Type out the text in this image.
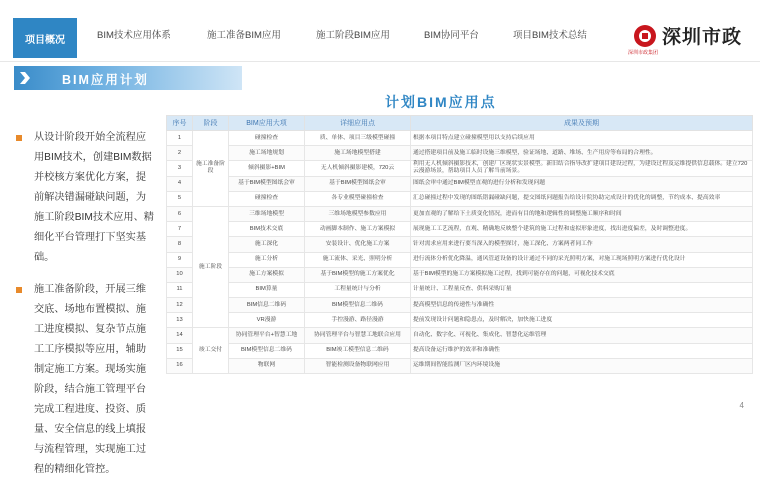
项目概况	BIM技术应用体系	施工准备BIM应用	施工阶段BIM应用	BIM协同平台	项目BIM技术总结
深圳市政集团
深圳市政
BIM应用计划
从设计阶段开始全流程应用BIM技术，创建BIM数据并校核方案优化方案，提前解决错漏碰缺问题，为施工阶段BIM技术应用、精细化平台管理打下坚实基础。
施工准备阶段，开展三维交底、场地布置模拟、施工进度模拟、复杂节点施工工序模拟等应用，辅助制定施工方案。现场实施阶段，结合施工管理平台完成工程进度、投资、质量、安全信息的线上填报与流程管理，实现施工过程的精细化管控。
计划BIM应用点
序号	阶段	BIM应用大项	详细应用点	成果及预期
1	施工准备阶段	碰撞检查	质、单体、项目三级模型碰撞	根据本项目特点建立碰撞模型用以支持后续应用
2		施工场地规划	施工场地模型搭建	通过搭建项目前及施工临时设施三维模型，验证场地、道路、堆场、生产用房等布局的合理性。
3		倾斜摄影+BIM	无人机倾斜摄影建模，720云	利用无人机倾斜摄影技术，创建厂区现状实景模型。新旧结合指导改扩建项目建设过程，为建设过程及运维提供信息载体。建立720云漫游场景，帮助项目人员了解当前场景。
4		基于BIM模型图纸会审	基于BIM模型图纸会审	图纸会审中通过BIM模型直观的进行分析和发现问题
5		碰撞检查	各专业模型碰撞检查	汇总碰撞过程中发现的图纸错漏碰缺问题，提交图纸问题报告给设计院协助完成设计的优化的调整，节约成本、提高效率
6	施工阶段	三维场地模型	三维场地模型参数应用	更加直观的了解给下土质变化情况，进而有目的地和逻辑性的调整施工顺序和时间
7		BIM技术交底	动画脚本制作、施工方案模拟	展现施工工艺流程，直观、精确地反映整个建筑的施工过程和虚拟形象进度，找出进度偏差，及时调整进度。
8		施工深化	安装设计、优化施工方案	针对需求应用来进行要当深入的模型探讨，施工深化、方案两者同工作
9		施工分析	施工流体、采光、照明分析	进行流体分析优化降温，通风管道设备的设计通过不同的采光照明方案，对施工现场照明方案进行优化设计
10		施工方案模拟	基于BIM模型的施工方案优化	基于BIM模型的施工方案模拟施工过程，找到可能存在的问题，可视化技术交底
11		BIM算量	工程量统计与分析	计量统计、工程量反查、供料采购订量
12		BIM信息二维码	BIM模型信息二维码	提高模型信息的传递性与准确性
13		VR漫游	手控漫游、路径漫游	提前发现设计问题和隐患点，及时解决，加快施工进度
14	竣工交付	协同管理平台+智慧工地	协同管理平台与智慧工地联合应用	自动化、数字化、可视化、集成化、智慧化运维管理
15		BIM模型信息二维码	BIM竣工模型信息二维码	提高设备运行维护的效率和准确性
16		物联网	智能检测设备物联网应用	运维期间智能监测厂区内环境设施
4
